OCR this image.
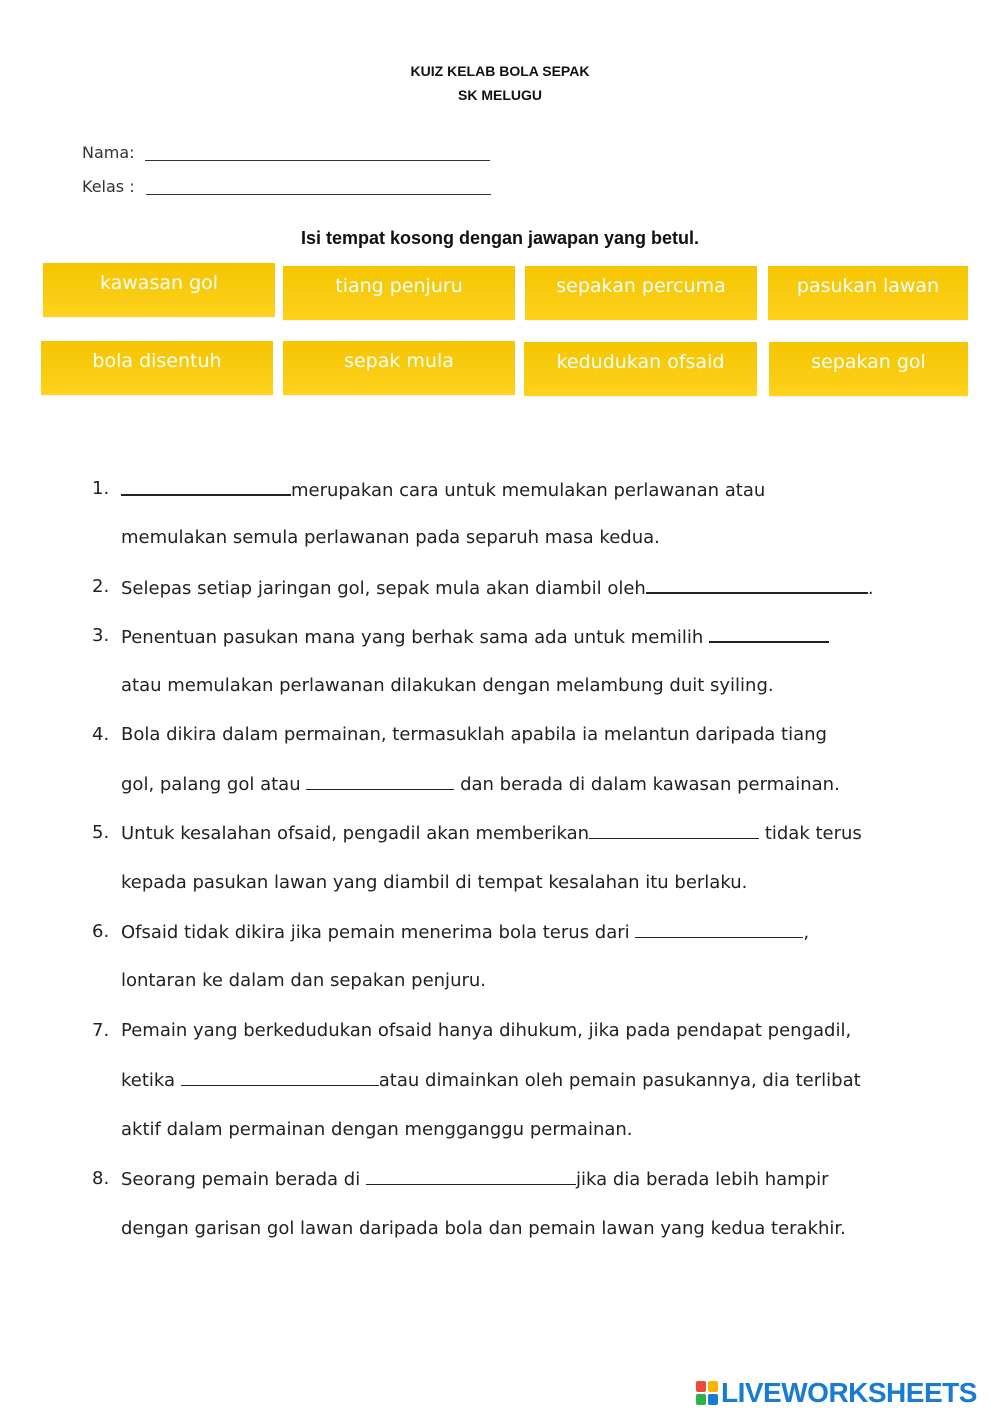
KUIZ KELAB BOLA SEPAK
SK MELUGU
Nama:
Kelas :
Isi tempat kosong dengan jawapan yang betul.
kawasan gol	tiang penjuru	sepakan percuma	pasukan lawan
bola disentuh	sepak mula	kedudukan ofsaid	sepakan gol
1.	merupakan cara untuk memulakan perlawanan atau
memulakan semula perlawanan pada separuh masa kedua.
2. Selepas setiap jaringan gol, sepak mula akan diambil oleh	.
3. Penentuan pasukan mana yang berhak sama ada untuk memilih
atau memulakan perlawanan dilakukan dengan melambung duit syiling.
4. Bola dikira dalam permainan, termasuklah apabila ia melantun daripada tiang
gol, palang gol atau	dan berada di dalam kawasan permainan.
5. Untuk kesalahan ofsaid, pengadil akan memberikan	tidak terus
kepada pasukan lawan yang diambil di tempat kesalahan itu berlaku.
6. Ofsaid tidak dikira jika pemain menerima bola terus dari	,
lontaran ke dalam dan sepakan penjuru.
7. Pemain yang berkedudukan ofsaid hanya dihukum, jika pada pendapat pengadil,
ketika	atau dimainkan oleh pemain pasukannya, dia terlibat
aktif dalam permainan dengan mengganggu permainan.
8. Seorang pemain berada di	jika dia berada lebih hampir
dengan garisan gol lawan daripada bola dan pemain lawan yang kedua terakhir.
LIVEWORKSHEETS
